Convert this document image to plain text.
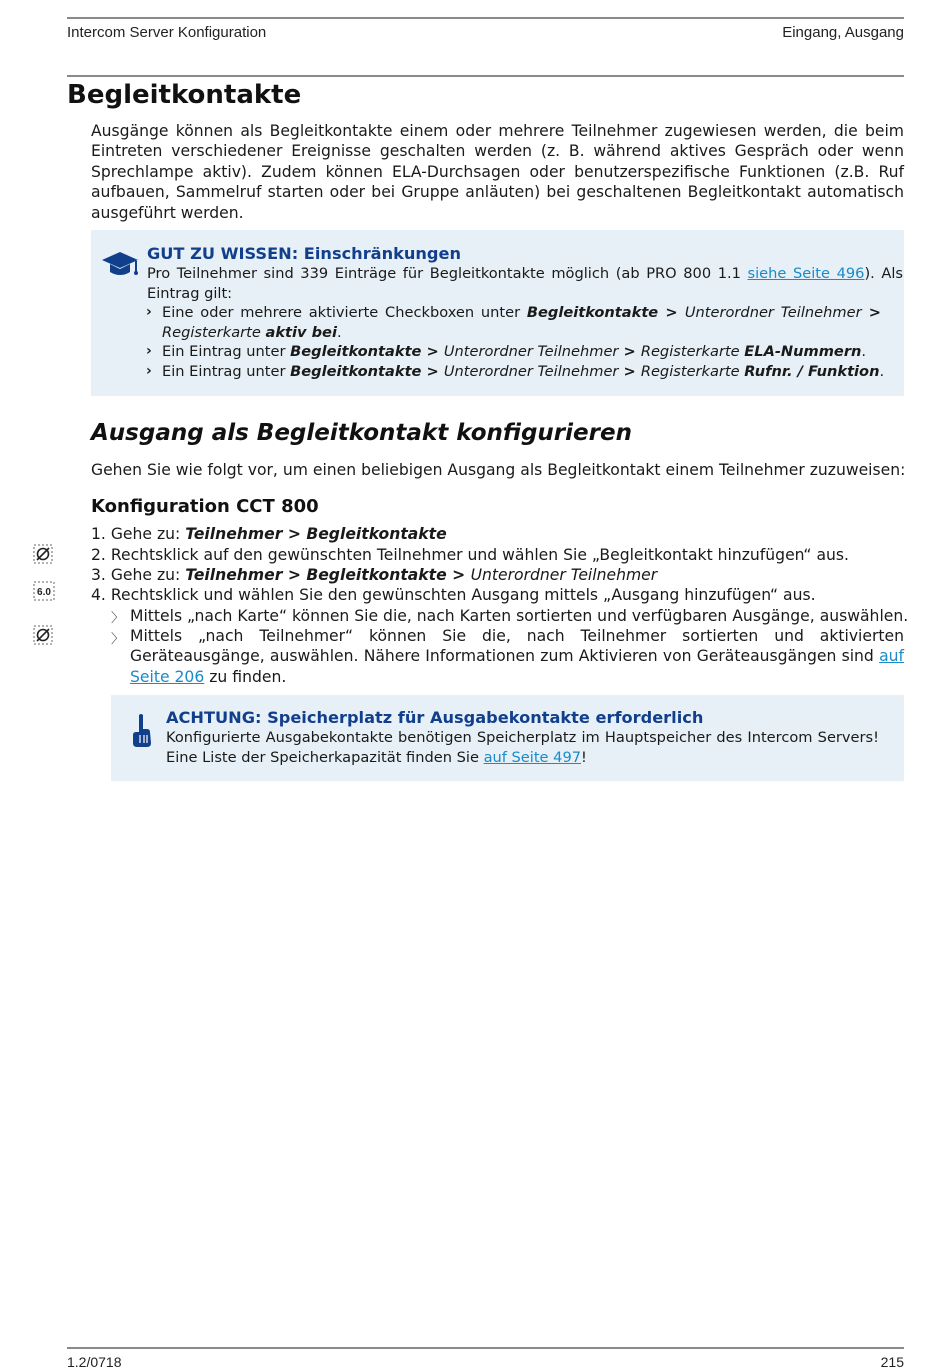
Intercom Server Konfiguration	Eingang, Ausgang
Begleitkontakte

Ausgänge können als Begleitkontakte einem oder mehrere Teilnehmer zugewiesen werden, die beim Eintreten verschiedener Ereignisse geschalten werden (z. B. während aktives Gespräch oder wenn Sprechlampe aktiv). Zudem können ELA-Durchsagen oder benutzerspezifische Funktionen (z.B. Ruf aufbauen, Sammelruf starten oder bei Gruppe anläuten) bei geschaltenen Begleitkontakt automatisch ausgeführt werden.

GUT ZU WISSEN: Einschränkungen
Pro Teilnehmer sind 339 Einträge für Begleitkontakte möglich (ab PRO 800 1.1 siehe Seite 496). Als Eintrag gilt:
› Eine oder mehrere aktivierte Checkboxen unter Begleitkontakte > Unterordner Teilnehmer > Registerkarte aktiv bei.
› Ein Eintrag unter Begleitkontakte > Unterordner Teilnehmer > Registerkarte ELA-Nummern.
› Ein Eintrag unter Begleitkontakte > Unterordner Teilnehmer > Registerkarte Rufnr. / Funktion.
Ausgang als Begleitkontakt konfigurieren

Gehen Sie wie folgt vor, um einen beliebigen Ausgang als Begleitkontakt einem Teilnehmer zuzuweisen:

Konfiguration CCT 800
1. Gehe zu: Teilnehmer > Begleitkontakte
2. Rechtsklick auf den gewünschten Teilnehmer und wählen Sie „Begleitkontakt hinzufügen“ aus.
3. Gehe zu: Teilnehmer > Begleitkontakte > Unterordner Teilnehmer
4. Rechtsklick und wählen Sie den gewünschten Ausgang mittels „Ausgang hinzufügen“ aus.
〉 Mittels „nach Karte“ können Sie die, nach Karten sortierten und verfügbaren Ausgänge, auswählen.
〉 Mittels „nach Teilnehmer“ können Sie die, nach Teilnehmer sortierten und aktivierten Geräteausgänge, auswählen. Nähere Informationen zum Aktivieren von Geräteausgängen sind auf Seite 206 zu finden.
6.0
ACHTUNG: Speicherplatz für Ausgabekontakte erforderlich
Konfigurierte Ausgabekontakte benötigen Speicherplatz im Hauptspeicher des Intercom Servers! Eine Liste der Speicherkapazität finden Sie auf Seite 497!
1.2/0718	215
